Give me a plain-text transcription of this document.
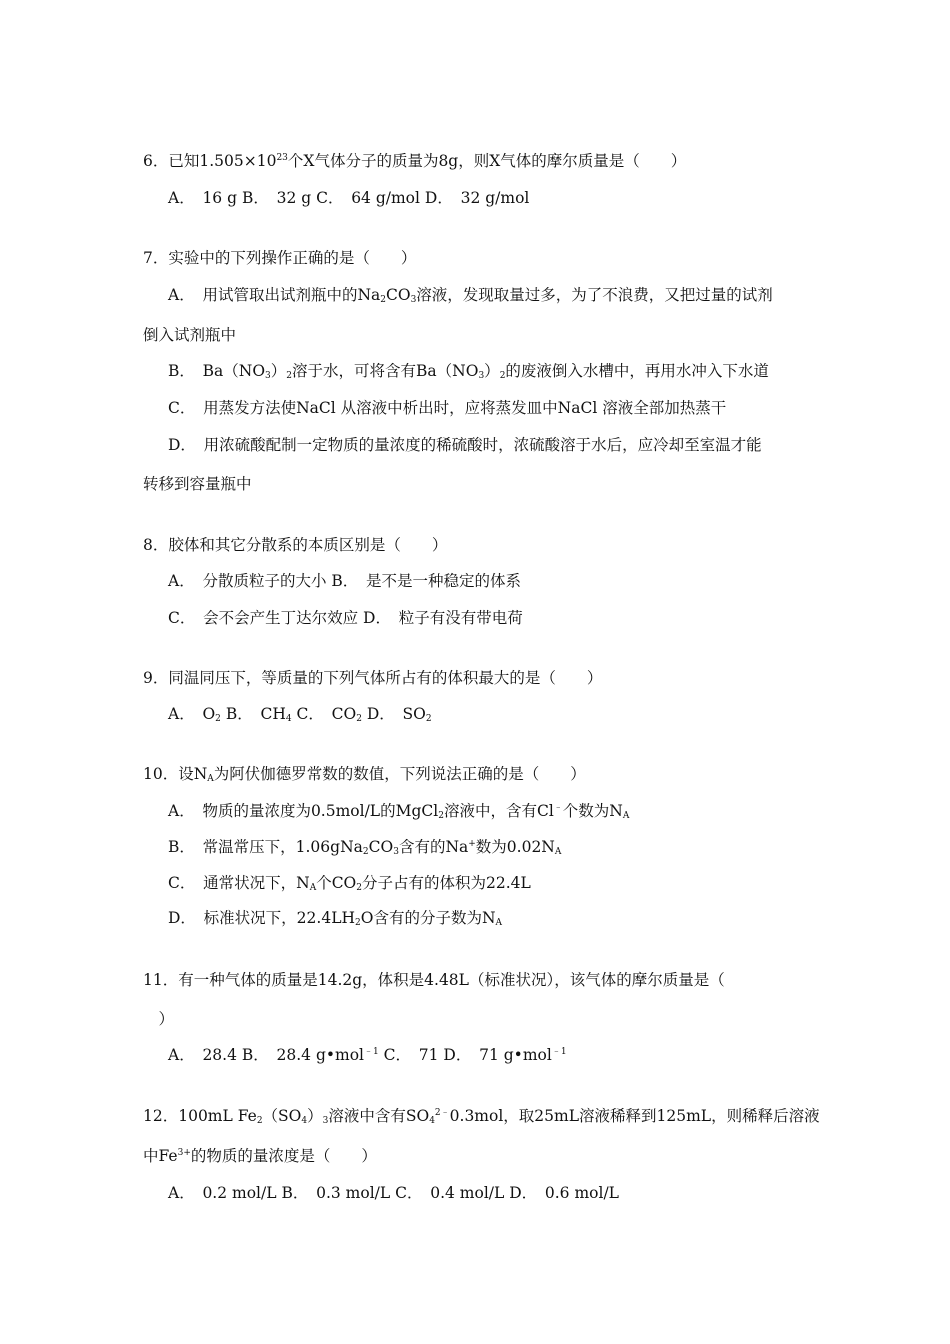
6．已知$1.505\times 10^{23}$个X气体分子的质量为8g，则X气体的摩尔质量是（　　）
A．　16 g B．　32 g C．　64 g/mol D．　32 g/mol
7．实验中的下列操作正确的是（　　）
A．　用试管取出试剂瓶中的$Na_2CO_3$溶液，发现取量过多，为了不浪费，又把过量的试剂
倒入试剂瓶中
B．　$Ba(NO_3)_2$溶于水，可将含有$Ba(NO_3)_2$的废液倒入水槽中，再用水冲入下水道
C．　用蒸发方法使NaCl 从溶液中析出时，应将蒸发皿中NaCl 溶液全部加热蒸干
D．　用浓硫酸配制一定物质的量浓度的稀硫酸时，浓硫酸溶于水后，应冷却至室温才能
转移到容量瓶中
8．胶体和其它分散系的本质区别是（　　）
A．　分散质粒子的大小 B．　是不是一种稳定的体系
C．　会不会产生丁达尔效应 D．　粒子有没有带电荷
9．同温同压下，等质量的下列气体所占有的体积最大的是（　　）
A．　$O_2$ B．　$CH_4$ C．　$CO_2$ D．　$SO_2$
10．设$N_A$为阿伏伽德罗常数的数值，下列说法正确的是（　　）
A．　物质的量浓度为0.5mol/L的MgCl$_2$溶液中，含有Cl﹣个数为$N_A$
B．　常温常压下，$1.06gNa_2CO_3$含有的Na+数为$0.02N_A$
C．　通常状况下，$N_A$个$CO_2$分子占有的体积为22.4L
D．　标准状况下，$22.4LH_2O$含有的分子数为$N_A$
11．有一种气体的质量是14.2g，体积是4.48L（标准状况），该气体的摩尔质量是（
　）
A．　28.4 B．　28.4 g•mol$^{﹣1}$ C．　71 D．　71 g•mol$^{﹣1}$
12．100mL $Fe_2(SO_4)_3$溶液中含有$SO_4^{2﹣}0.3mol$，取25mL溶液稀释到125mL，则稀释后溶液
中$Fe^{3+}$的物质的量浓度是（　　）
A．　0.2 mol/L B．　0.3 mol/L C．　0.4 mol/L D．　0.6 mol/L
